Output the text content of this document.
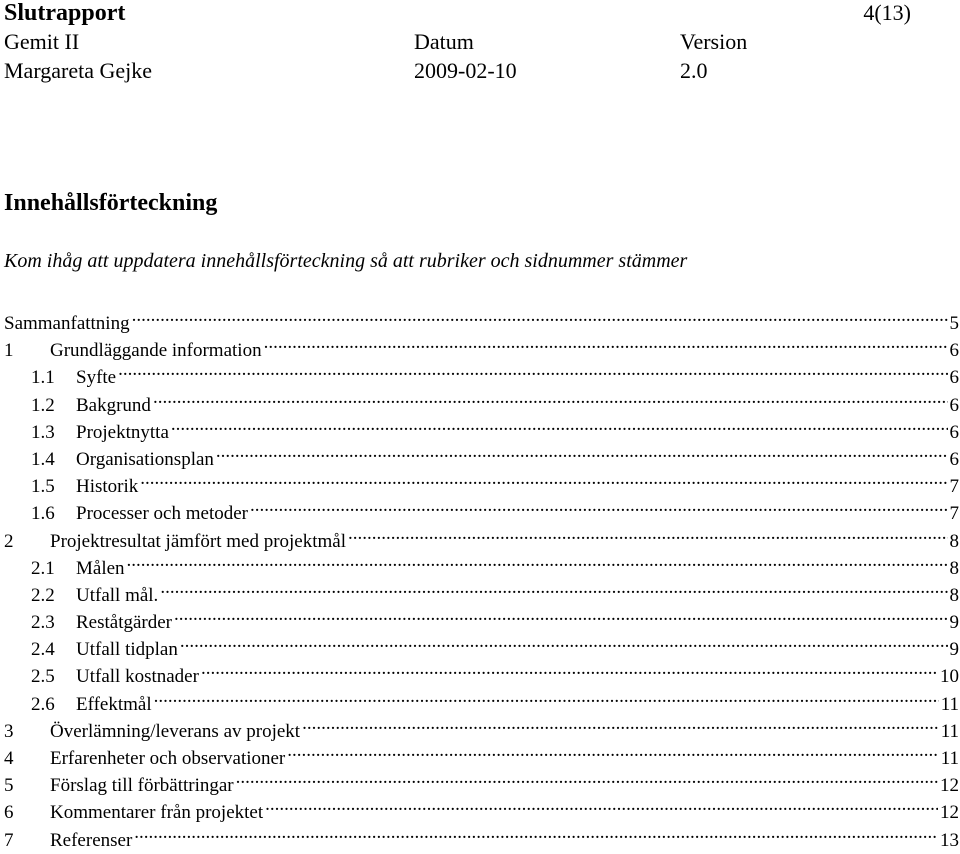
Slutrapport	4(13)
Gemit II	Datum	Version
Margareta Gejke	2009-02-10	2.0
Innehållsförteckning
Kom ihåg att uppdatera innehållsförteckning så att rubriker och sidnummer stämmer
Sammanfattning .....	5
1	Grundläggande information .....	6
1.1	Syfte .....	6
1.2	Bakgrund .....	6
1.3	Projektnytta .....	6
1.4	Organisationsplan .....	6
1.5	Historik .....	7
1.6	Processer och metoder .....	7
2	Projektresultat jämfört med projektmål .....	8
2.1	Målen .....	8
2.2	Utfall mål. .....	8
2.3	Reståtgärder .....	9
2.4	Utfall tidplan .....	9
2.5	Utfall kostnader .....	10
2.6	Effektmål .....	11
3	Överlämning/leverans av projekt .....	11
4	Erfarenheter och observationer .....	11
5	Förslag till förbättringar .....	12
6	Kommentarer från projektet .....	12
7	Referenser .....	13
